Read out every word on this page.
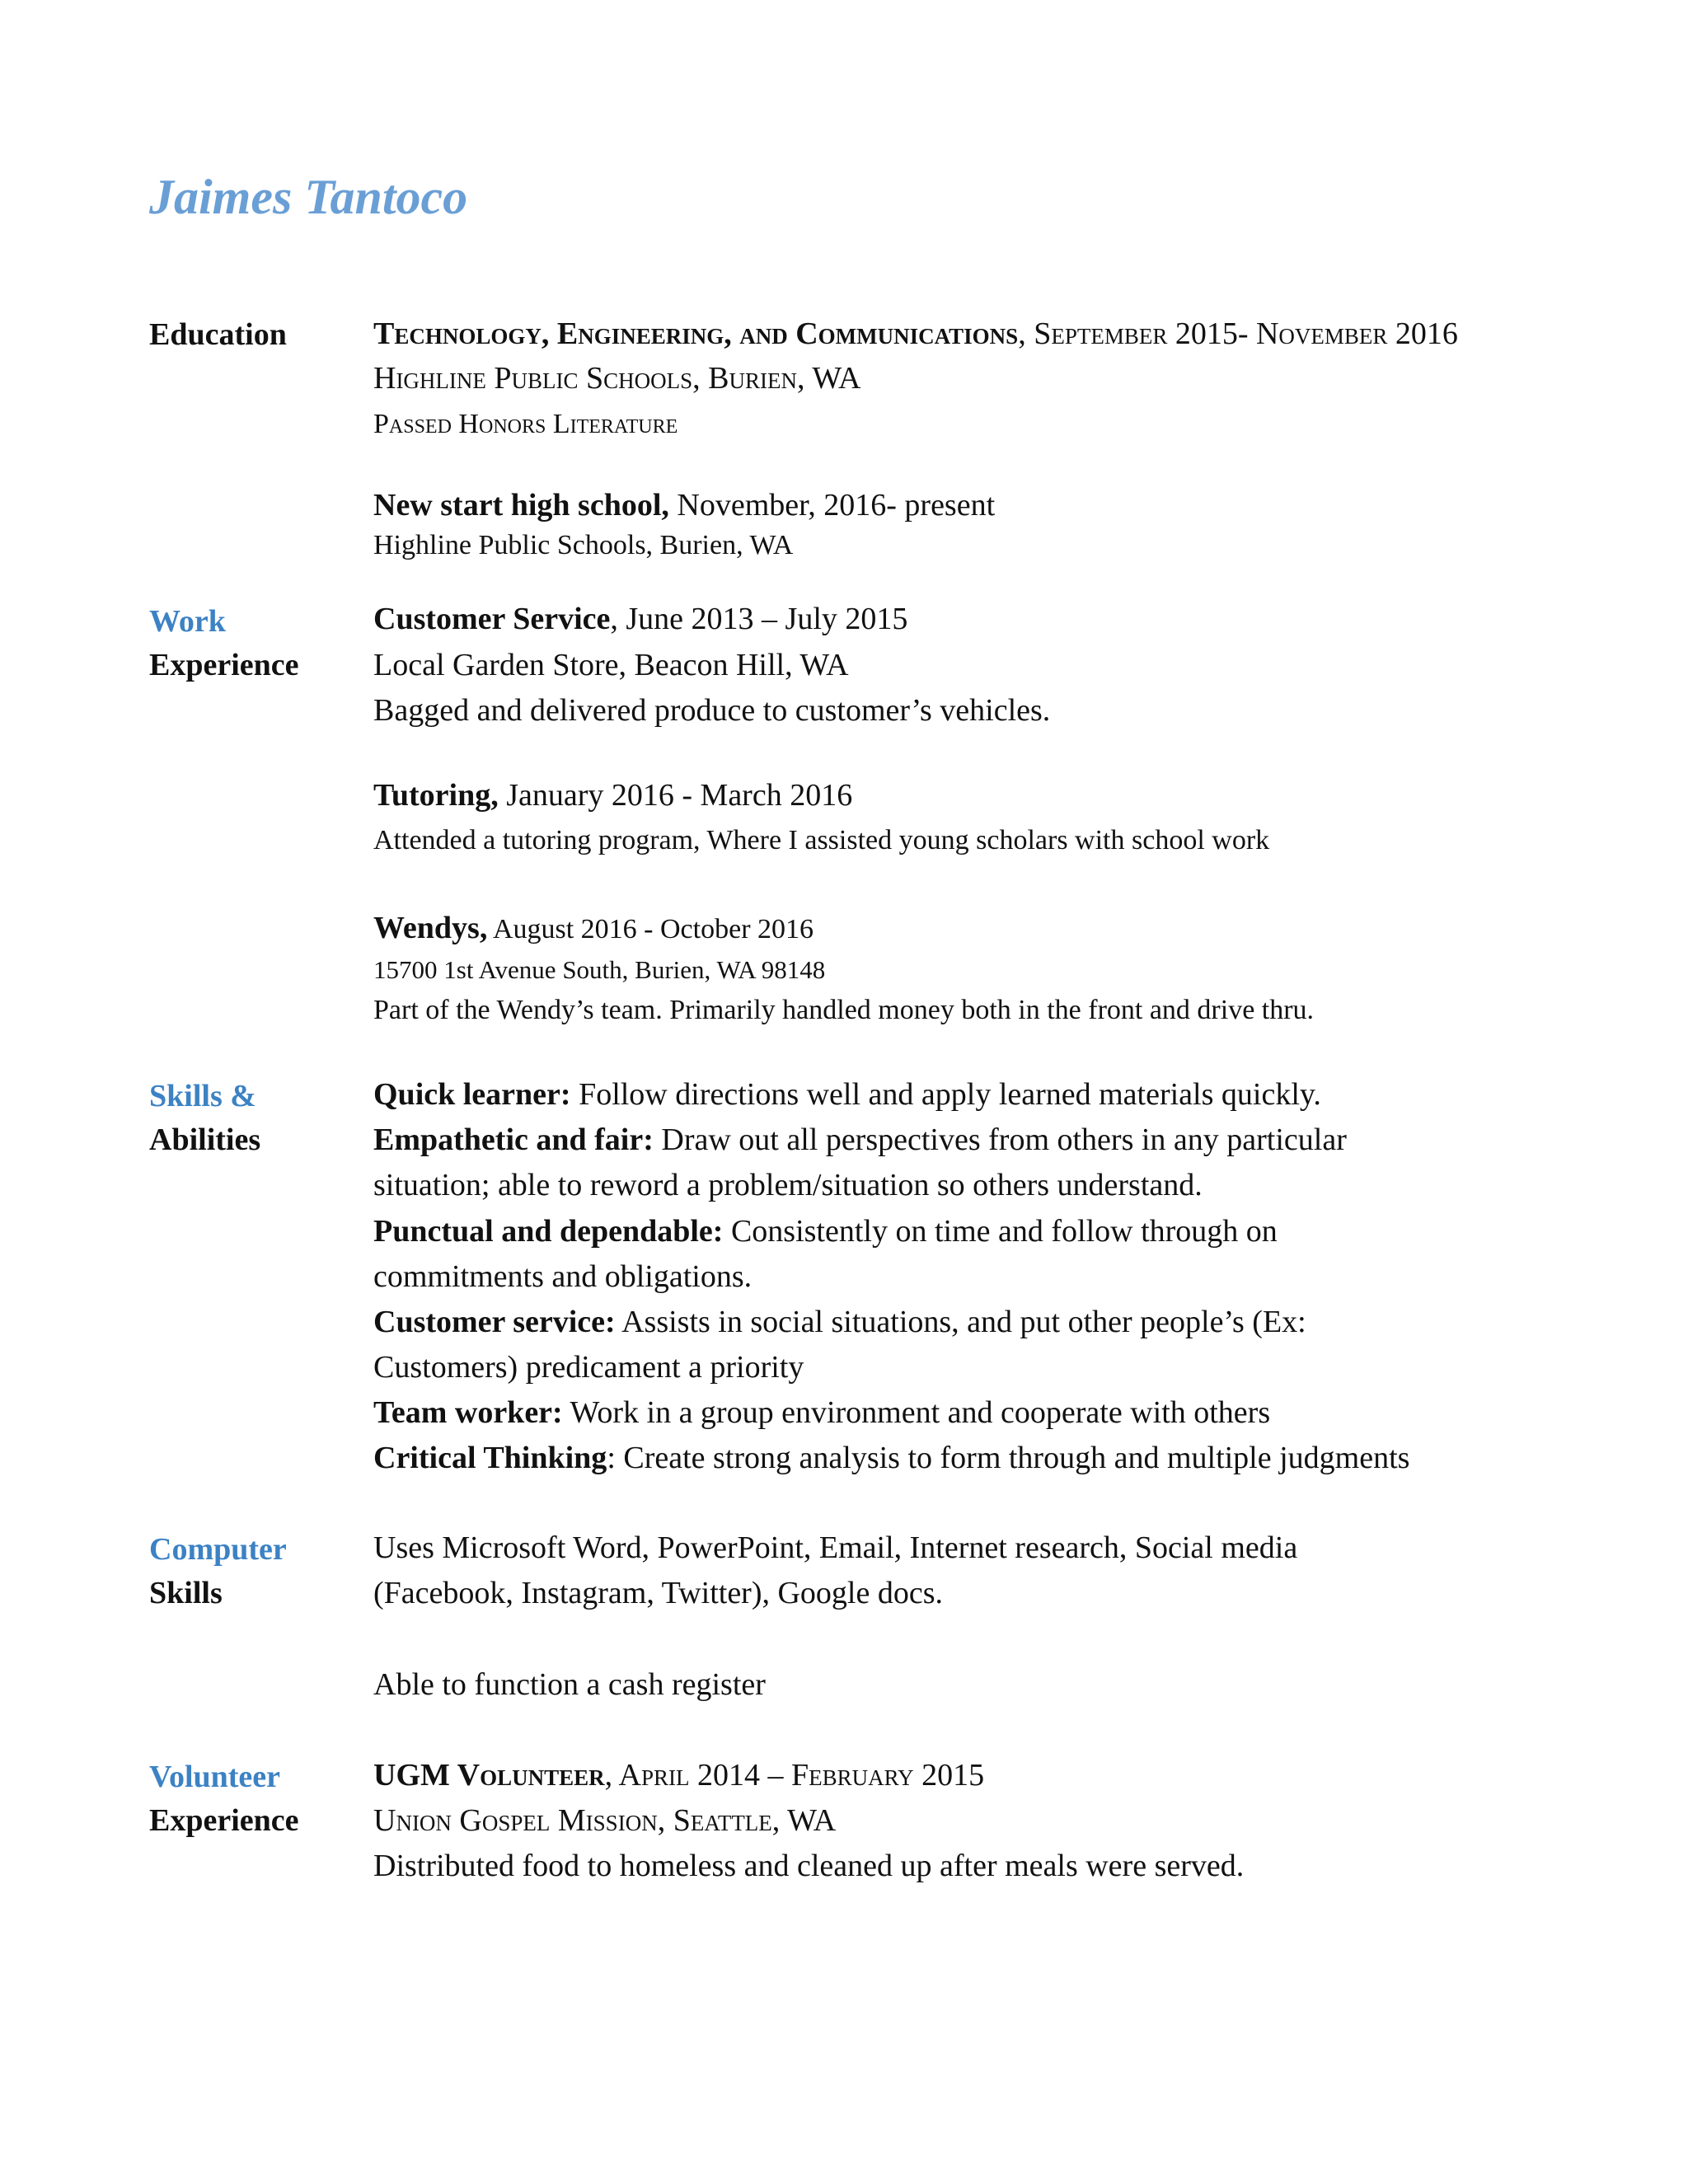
Jaimes Tantoco
Education	Technology, Engineering, and Communications, September 2015- November 2016
Highline Public Schools, Burien, WA
Passed Honors Literature
New start high school, November, 2016- present
Highline Public Schools, Burien, WA
Work
Experience
Customer Service, June 2013 – July 2015
Local Garden Store, Beacon Hill, WA
Bagged and delivered produce to customer’s vehicles.
Tutoring, January 2016 - March 2016
Attended a tutoring program, Where I assisted young scholars with school work
Wendys, August 2016 - October 2016
15700 1st Avenue South, Burien, WA 98148
Part of the Wendy’s team. Primarily handled money both in the front and drive thru.
Skills &
Abilities
Quick learner: Follow directions well and apply learned materials quickly.
Empathetic and fair: Draw out all perspectives from others in any particular
situation; able to reword a problem/situation so others understand.
Punctual and dependable: Consistently on time and follow through on
commitments and obligations.
Customer service: Assists in social situations, and put other people’s (Ex:
Customers) predicament a priority
Team worker: Work in a group environment and cooperate with others
Critical Thinking: Create strong analysis to form through and multiple judgments
Computer
Skills
Uses Microsoft Word, PowerPoint, Email, Internet research, Social media
(Facebook, Instagram, Twitter), Google docs.
Able to function a cash register
Volunteer
Experience
UGM Volunteer, April 2014 – February 2015
Union Gospel Mission, Seattle, WA
Distributed food to homeless and cleaned up after meals were served.
